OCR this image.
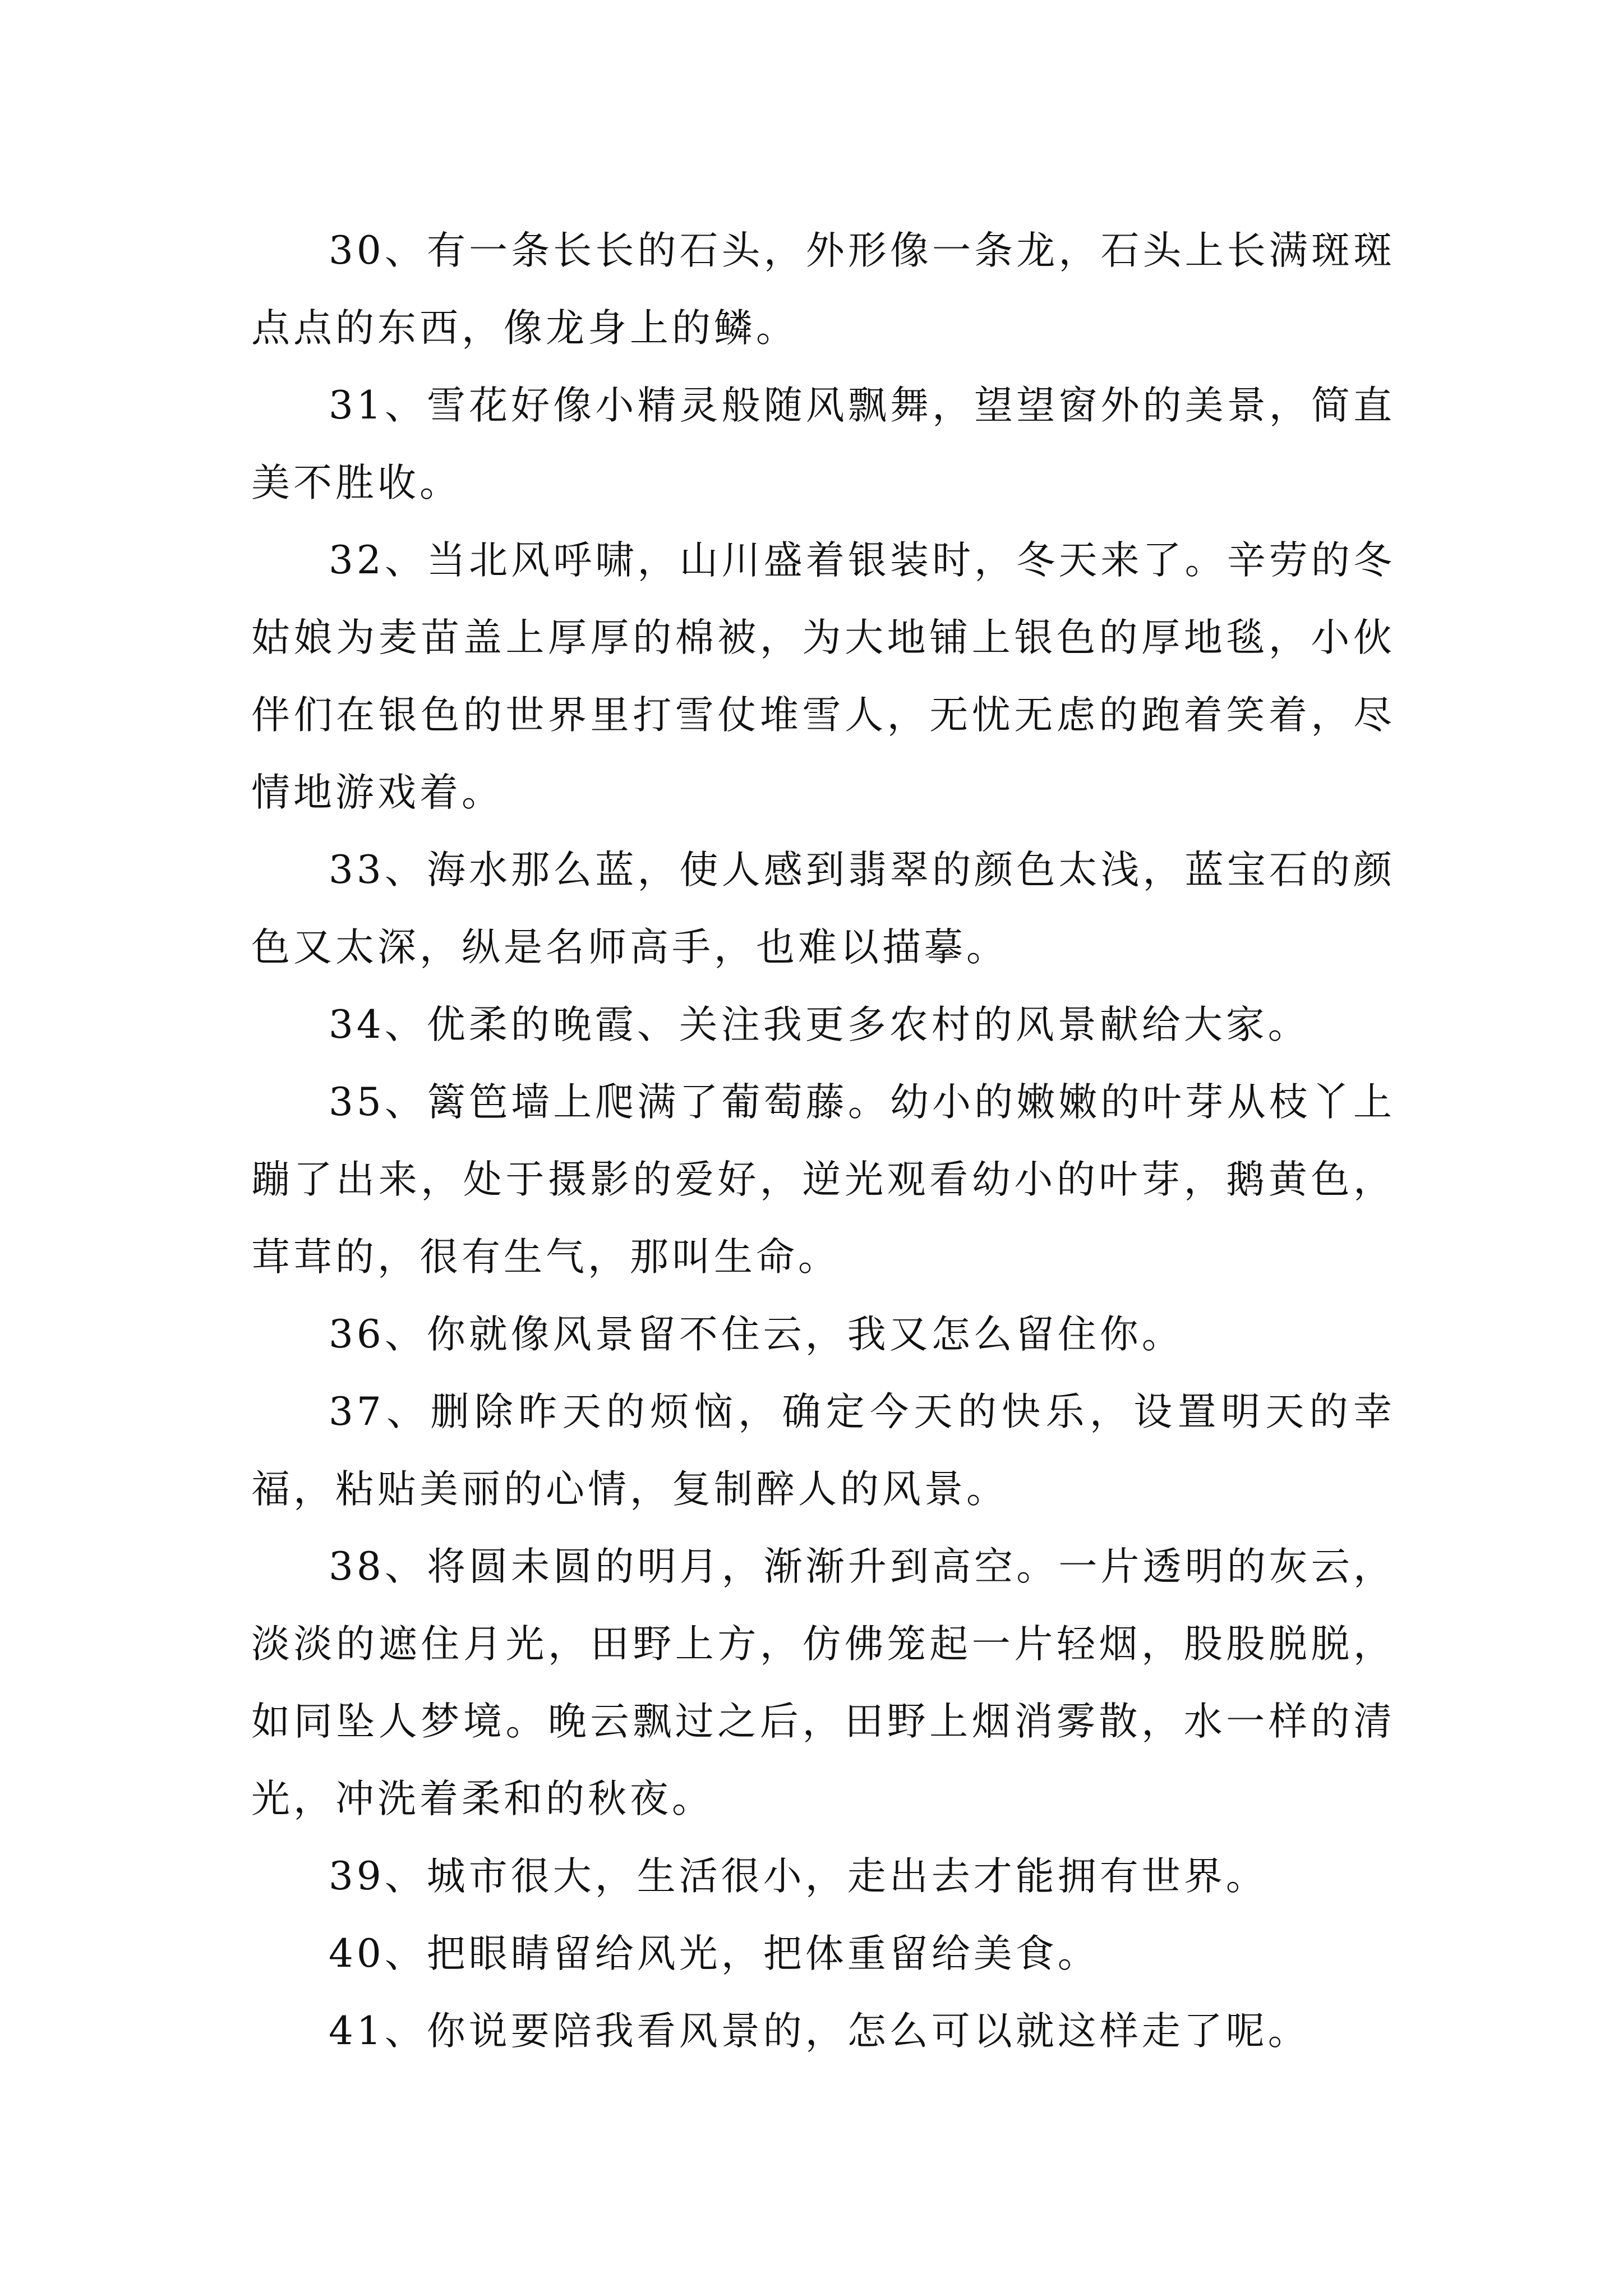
30、有一条长长的石头，外形像一条龙，石头上长满斑斑点点的东西，像龙身上的鳞。

31、雪花好像小精灵般随风飘舞，望望窗外的美景，简直美不胜收。

32、当北风呼啸，山川盛着银装时，冬天来了。辛劳的冬姑娘为麦苗盖上厚厚的棉被，为大地铺上银色的厚地毯，小伙伴们在银色的世界里打雪仗堆雪人，无忧无虑的跑着笑着，尽情地游戏着。

33、海水那么蓝，使人感到翡翠的颜色太浅，蓝宝石的颜色又太深，纵是名师高手，也难以描摹。

34、优柔的晚霞、关注我更多农村的风景献给大家。

35、篱笆墙上爬满了葡萄藤。幼小的嫩嫩的叶芽从枝丫上蹦了出来，处于摄影的爱好，逆光观看幼小的叶芽，鹅黄色，茸茸的，很有生气，那叫生命。

36、你就像风景留不住云，我又怎么留住你。

37、删除昨天的烦恼，确定今天的快乐，设置明天的幸福，粘贴美丽的心情，复制醉人的风景。

38、将圆未圆的明月，渐渐升到高空。一片透明的灰云，淡淡的遮住月光，田野上方，仿佛笼起一片轻烟，股股脱脱，如同坠人梦境。晚云飘过之后，田野上烟消雾散，水一样的清光，冲洗着柔和的秋夜。

39、城市很大，生活很小，走出去才能拥有世界。

40、把眼睛留给风光，把体重留给美食。

41、你说要陪我看风景的，怎么可以就这样走了呢。
